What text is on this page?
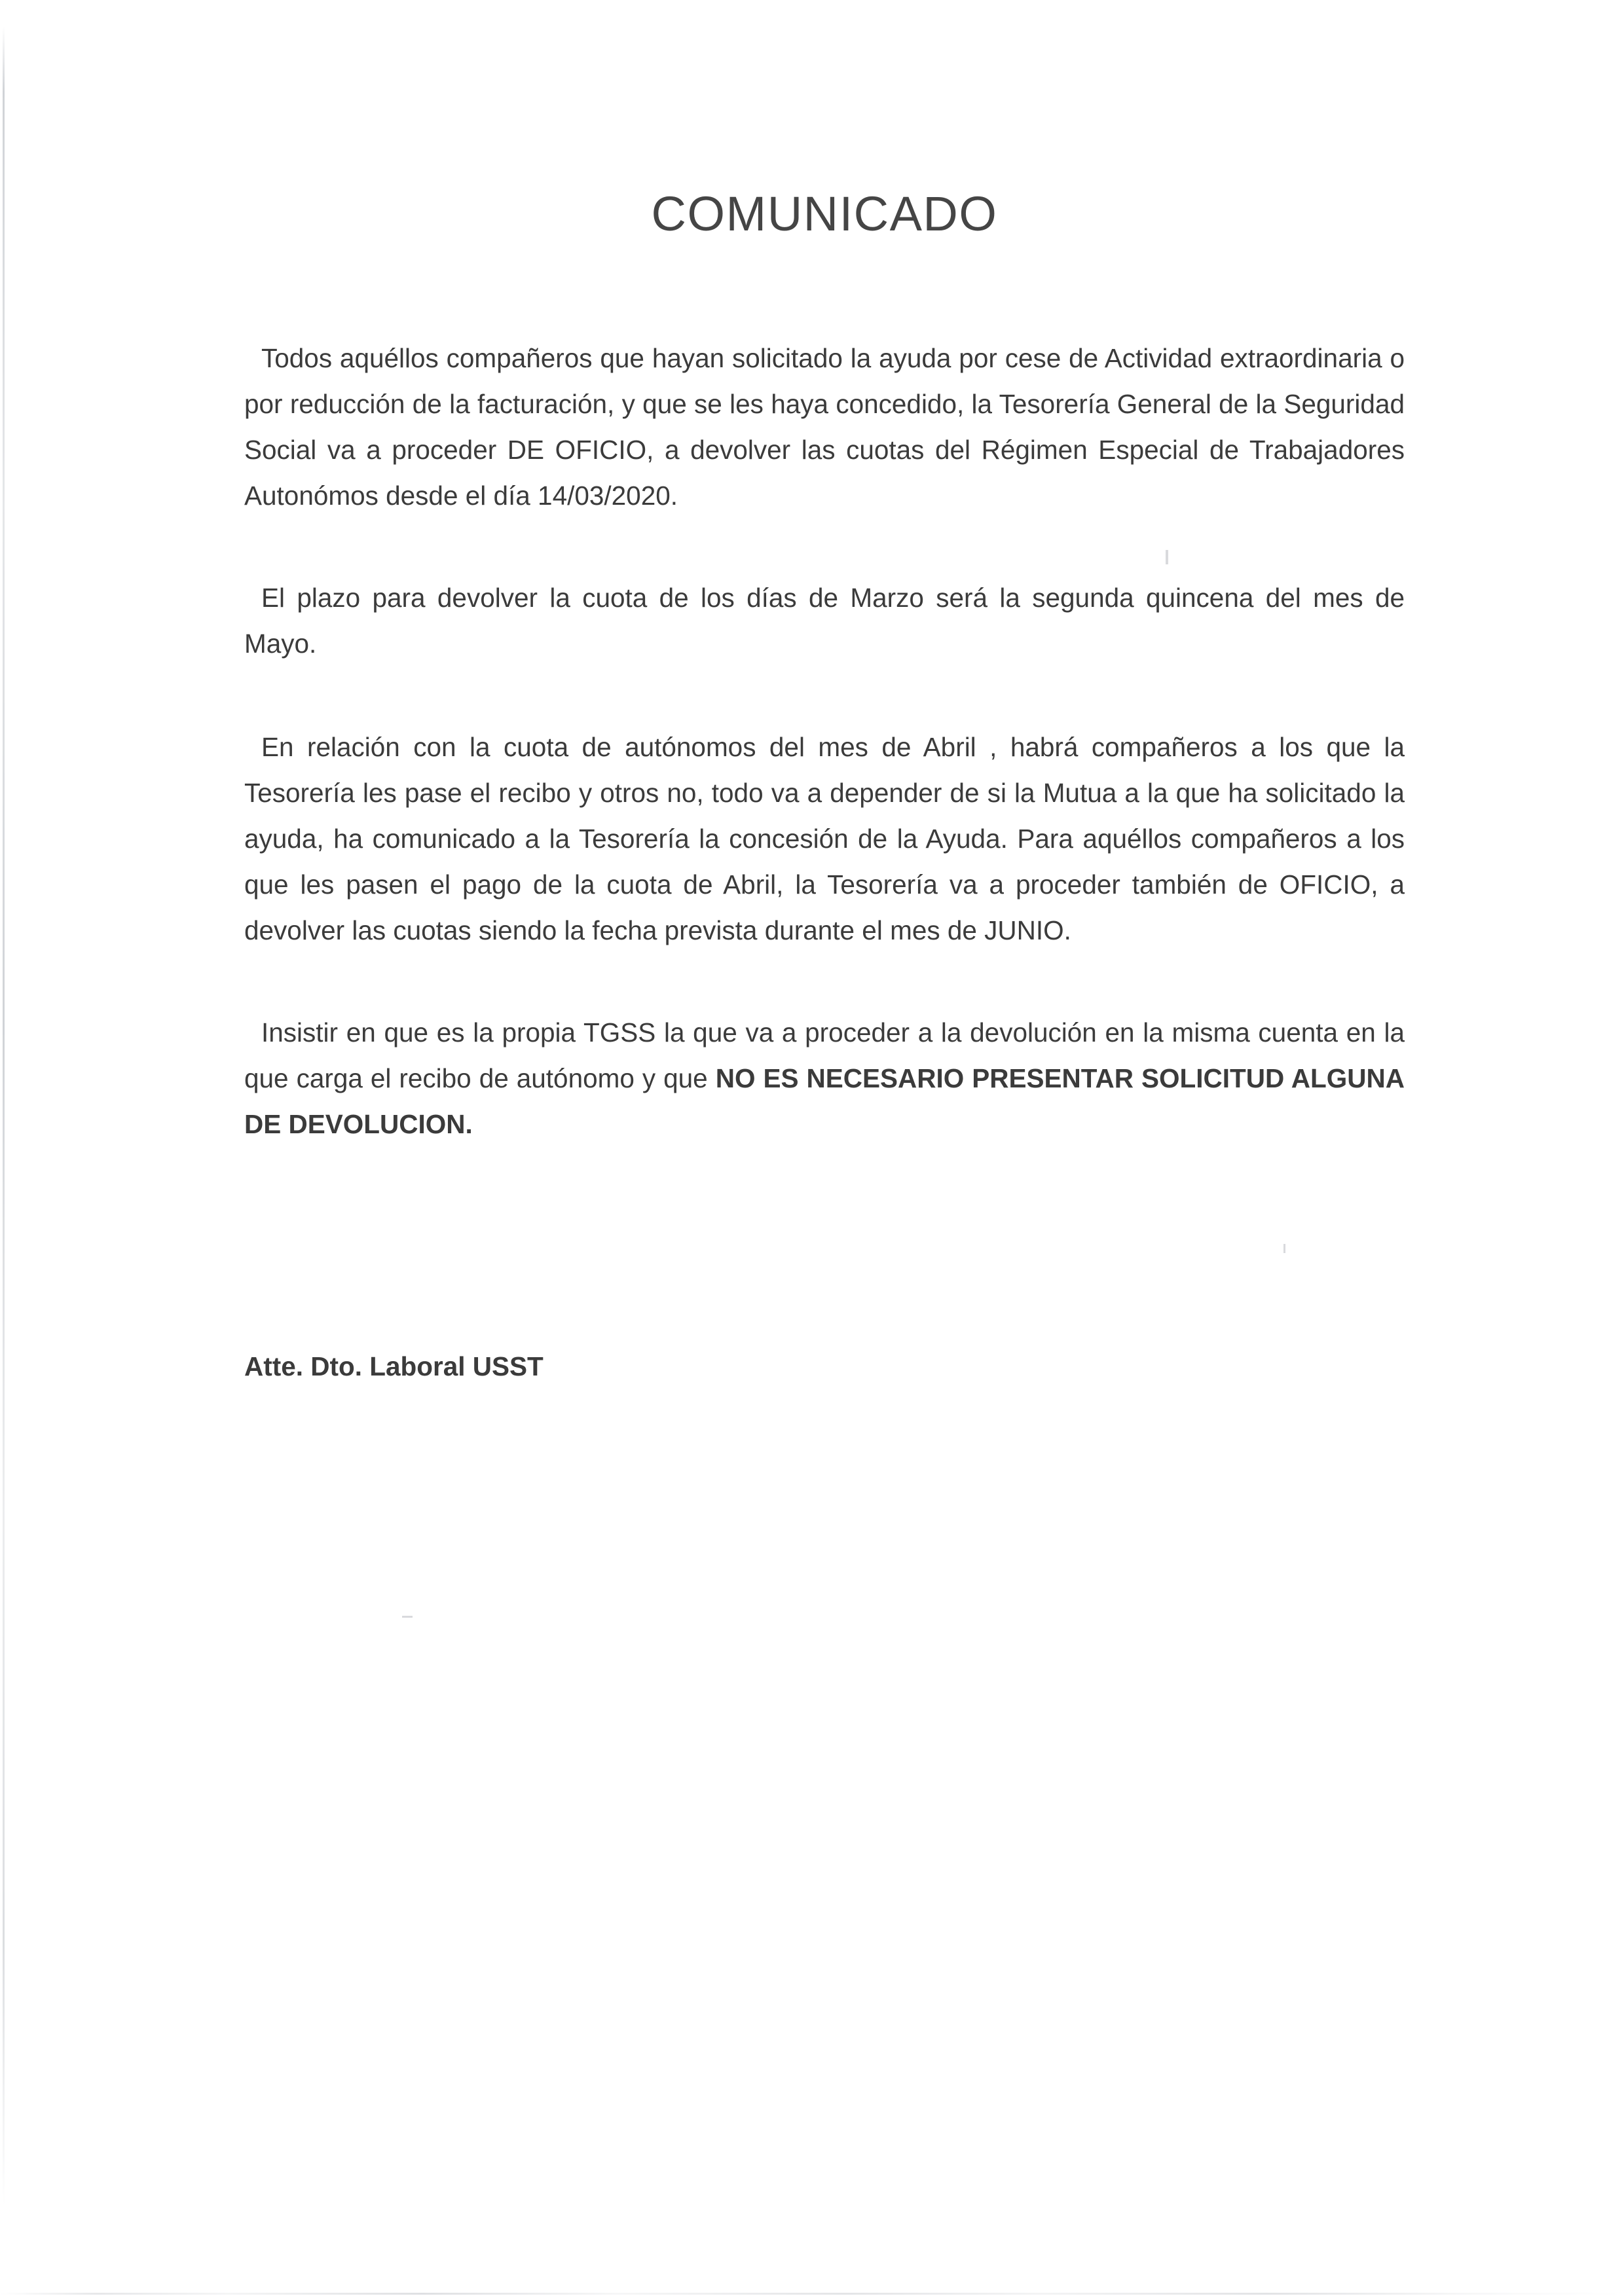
COMUNICADO

Todos aquéllos compañeros que hayan solicitado la ayuda por cese de Actividad extraordinaria o por reducción de la facturación, y que se les haya concedido, la Tesorería General de la Seguridad Social va a proceder DE OFICIO, a devolver las cuotas del Régimen Especial de Trabajadores Autonómos desde el día 14/03/2020.

El plazo para devolver la cuota de los días de Marzo será la segunda quincena del mes de Mayo.

En relación con la cuota de autónomos del mes de Abril , habrá compañeros a los que la Tesorería les pase el recibo y otros no, todo va a depender de si la Mutua a la que ha solicitado la ayuda, ha comunicado a la Tesorería la concesión de la Ayuda. Para aquéllos compañeros a los que les pasen el pago de la cuota de Abril, la Tesorería va a proceder también de OFICIO, a devolver las cuotas siendo la fecha prevista durante el mes de JUNIO.

Insistir en que es la propia TGSS la que va a proceder a la devolución en la misma cuenta en la que carga el recibo de autónomo y que NO ES NECESARIO PRESENTAR SOLICITUD ALGUNA DE DEVOLUCION.

Atte. Dto. Laboral USST
